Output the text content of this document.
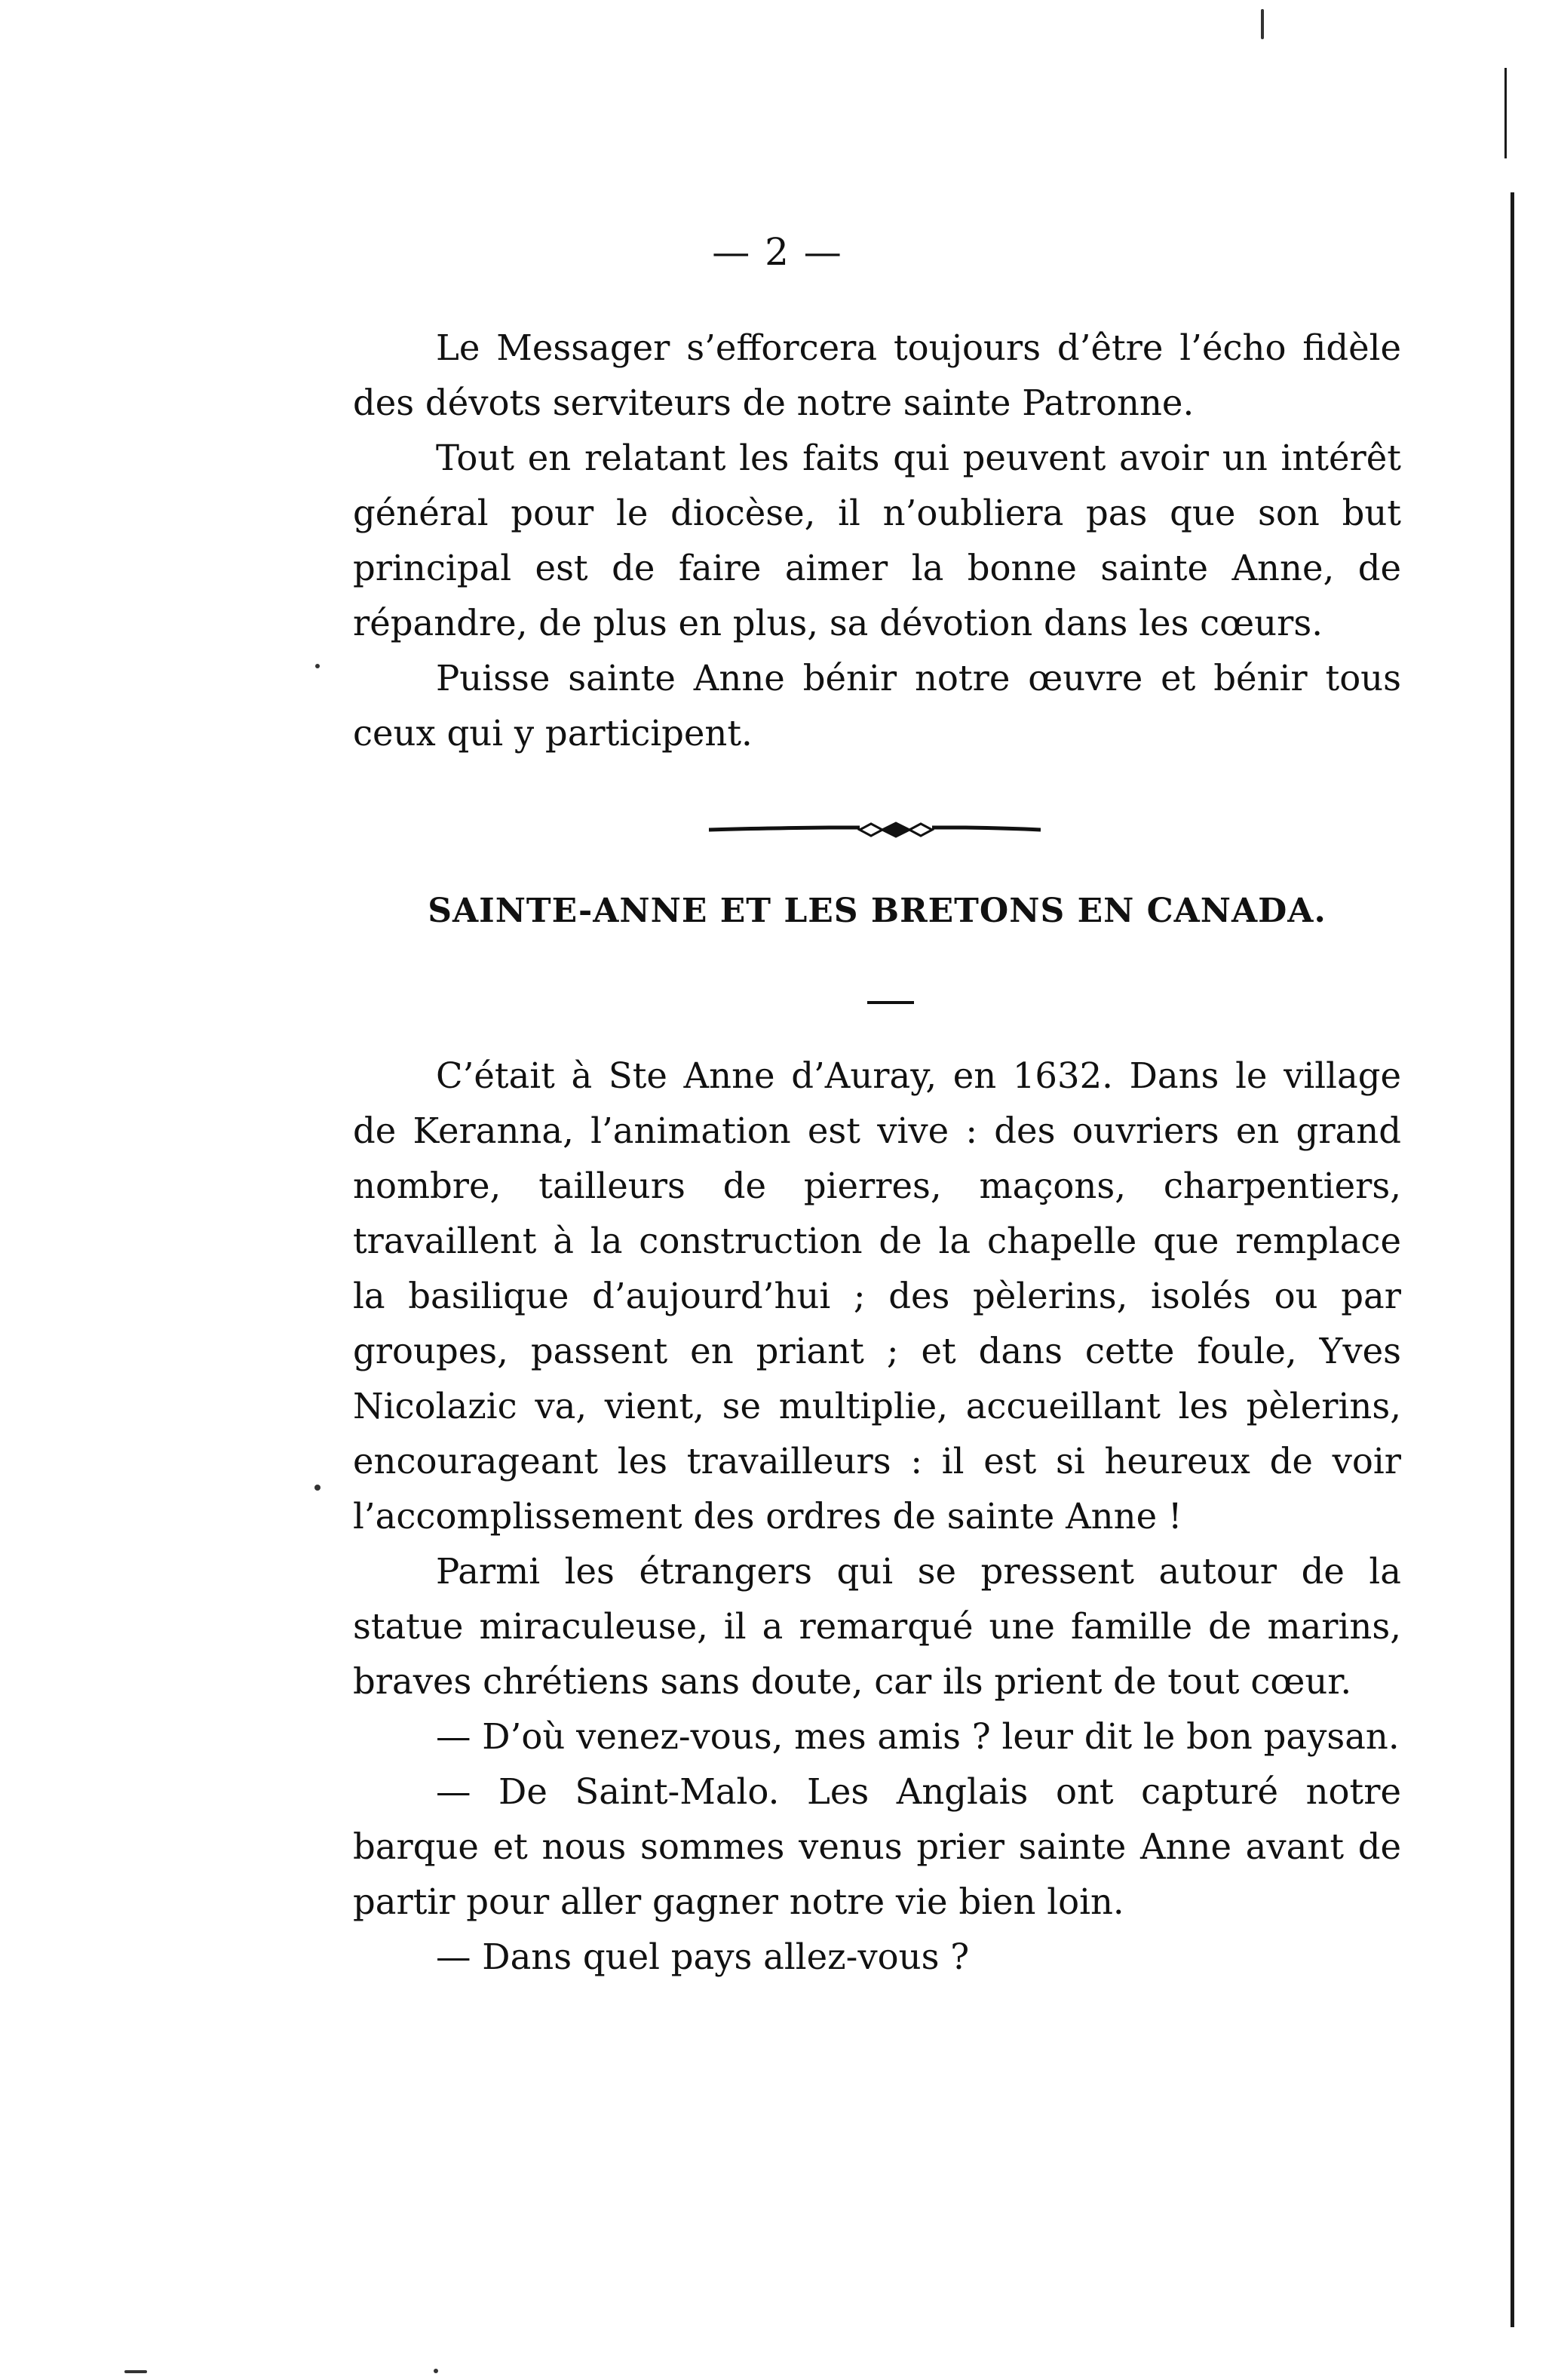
— 2 —

Le Messager s’efforcera toujours d’être l’écho fidèle des dévots serviteurs de notre sainte Patronne.

Tout en relatant les faits qui peuvent avoir un intérêt général pour le diocèse, il n’oubliera pas que son but principal est de faire aimer la bonne sainte Anne, de répandre, de plus en plus, sa dévotion dans les cœurs.

Puisse sainte Anne bénir notre œuvre et bénir tous ceux qui y participent.

SAINTE-ANNE ET LES BRETONS EN CANADA.

C’était à Ste Anne d’Auray, en 1632. Dans le village de Keranna, l’animation est vive : des ouvriers en grand nombre, tailleurs de pierres, maçons, charpentiers, travaillent à la construction de la chapelle que remplace la basilique d’aujourd’hui ; des pèlerins, isolés ou par groupes, passent en priant ; et dans cette foule, Yves Nicolazic va, vient, se multiplie, accueillant les pèlerins, encourageant les travailleurs : il est si heureux de voir l’accomplissement des ordres de sainte Anne !

Parmi les étrangers qui se pressent autour de la statue miraculeuse, il a remarqué une famille de marins, braves chrétiens sans doute, car ils prient de tout cœur.

— D’où venez-vous, mes amis ? leur dit le bon paysan.

— De Saint-Malo. Les Anglais ont capturé notre barque et nous sommes venus prier sainte Anne avant de partir pour aller gagner notre vie bien loin.

— Dans quel pays allez-vous ?
